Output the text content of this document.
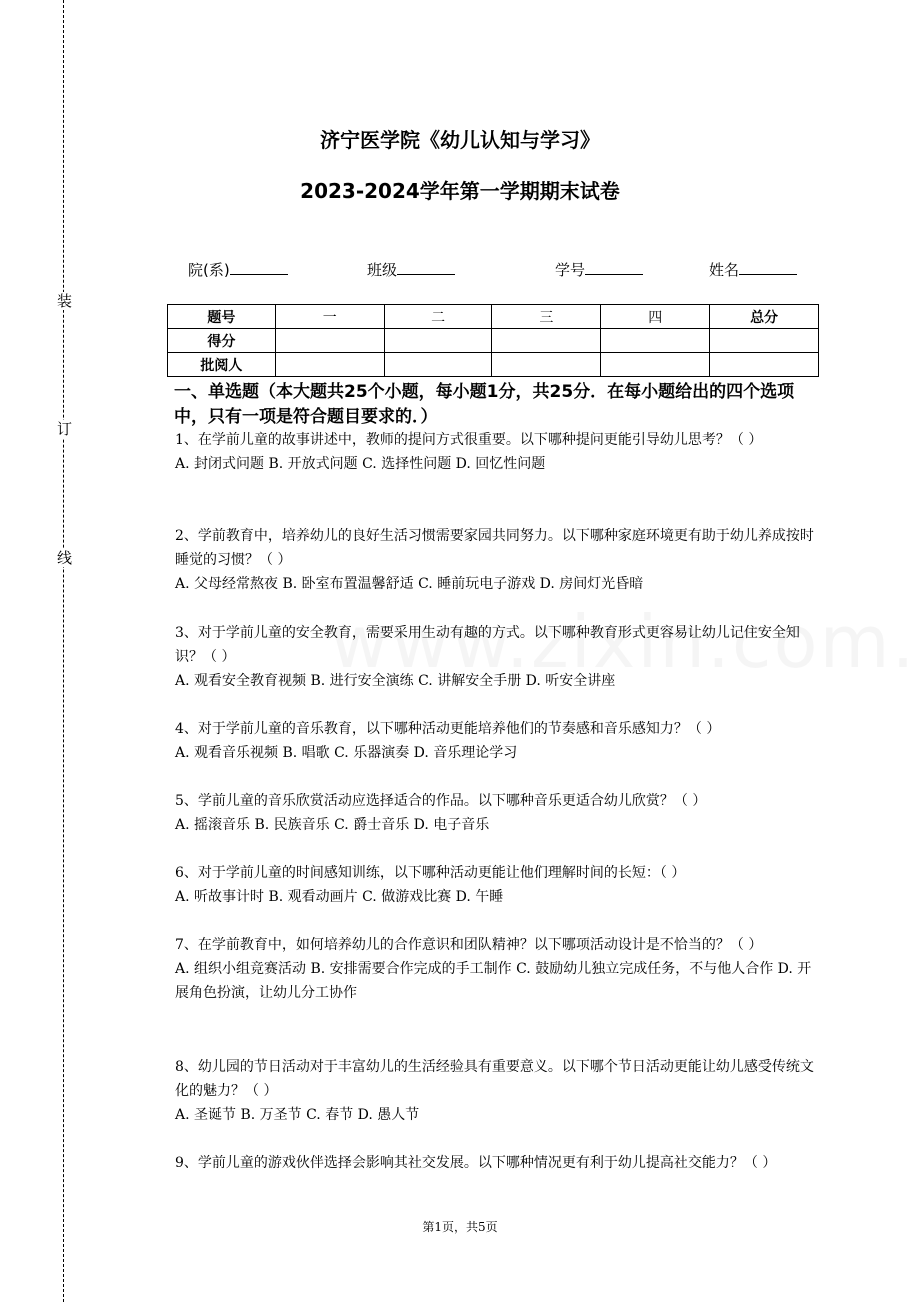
装
订
线
济宁医学院《幼儿认知与学习》
2023-2024学年第一学期期末试卷
院(系)	班级	学号	姓名
题号	一	二	三	四	总分
得分					
批阅人					
一、单选题（本大题共25个小题，每小题1分，共25分．在每小题给出的四个选项中，只有一项是符合题目要求的．）
1、在学前儿童的故事讲述中，教师的提问方式很重要。以下哪种提问更能引导幼儿思考？（ ）
A. 封闭式问题 B. 开放式问题 C. 选择性问题 D. 回忆性问题
2、学前教育中，培养幼儿的良好生活习惯需要家园共同努力。以下哪种家庭环境更有助于幼儿养成按时睡觉的习惯？（ ）
A. 父母经常熬夜 B. 卧室布置温馨舒适 C. 睡前玩电子游戏 D. 房间灯光昏暗
3、对于学前儿童的安全教育，需要采用生动有趣的方式。以下哪种教育形式更容易让幼儿记住安全知识？（ ）
A. 观看安全教育视频 B. 进行安全演练 C. 讲解安全手册 D. 听安全讲座
4、对于学前儿童的音乐教育，以下哪种活动更能培养他们的节奏感和音乐感知力？（ ）
A. 观看音乐视频 B. 唱歌 C. 乐器演奏 D. 音乐理论学习
5、学前儿童的音乐欣赏活动应选择适合的作品。以下哪种音乐更适合幼儿欣赏？（ ）
A. 摇滚音乐 B. 民族音乐 C. 爵士音乐 D. 电子音乐
6、对于学前儿童的时间感知训练，以下哪种活动更能让他们理解时间的长短：（ ）
A. 听故事计时 B. 观看动画片 C. 做游戏比赛 D. 午睡
7、在学前教育中，如何培养幼儿的合作意识和团队精神？以下哪项活动设计是不恰当的？（ ）
A. 组织小组竞赛活动 B. 安排需要合作完成的手工制作 C. 鼓励幼儿独立完成任务，不与他人合作 D. 开展角色扮演，让幼儿分工协作
8、幼儿园的节日活动对于丰富幼儿的生活经验具有重要意义。以下哪个节日活动更能让幼儿感受传统文化的魅力？（ ）
A. 圣诞节 B. 万圣节 C. 春节 D. 愚人节
9、学前儿童的游戏伙伴选择会影响其社交发展。以下哪种情况更有利于幼儿提高社交能力？（ ）
第1页，共5页
